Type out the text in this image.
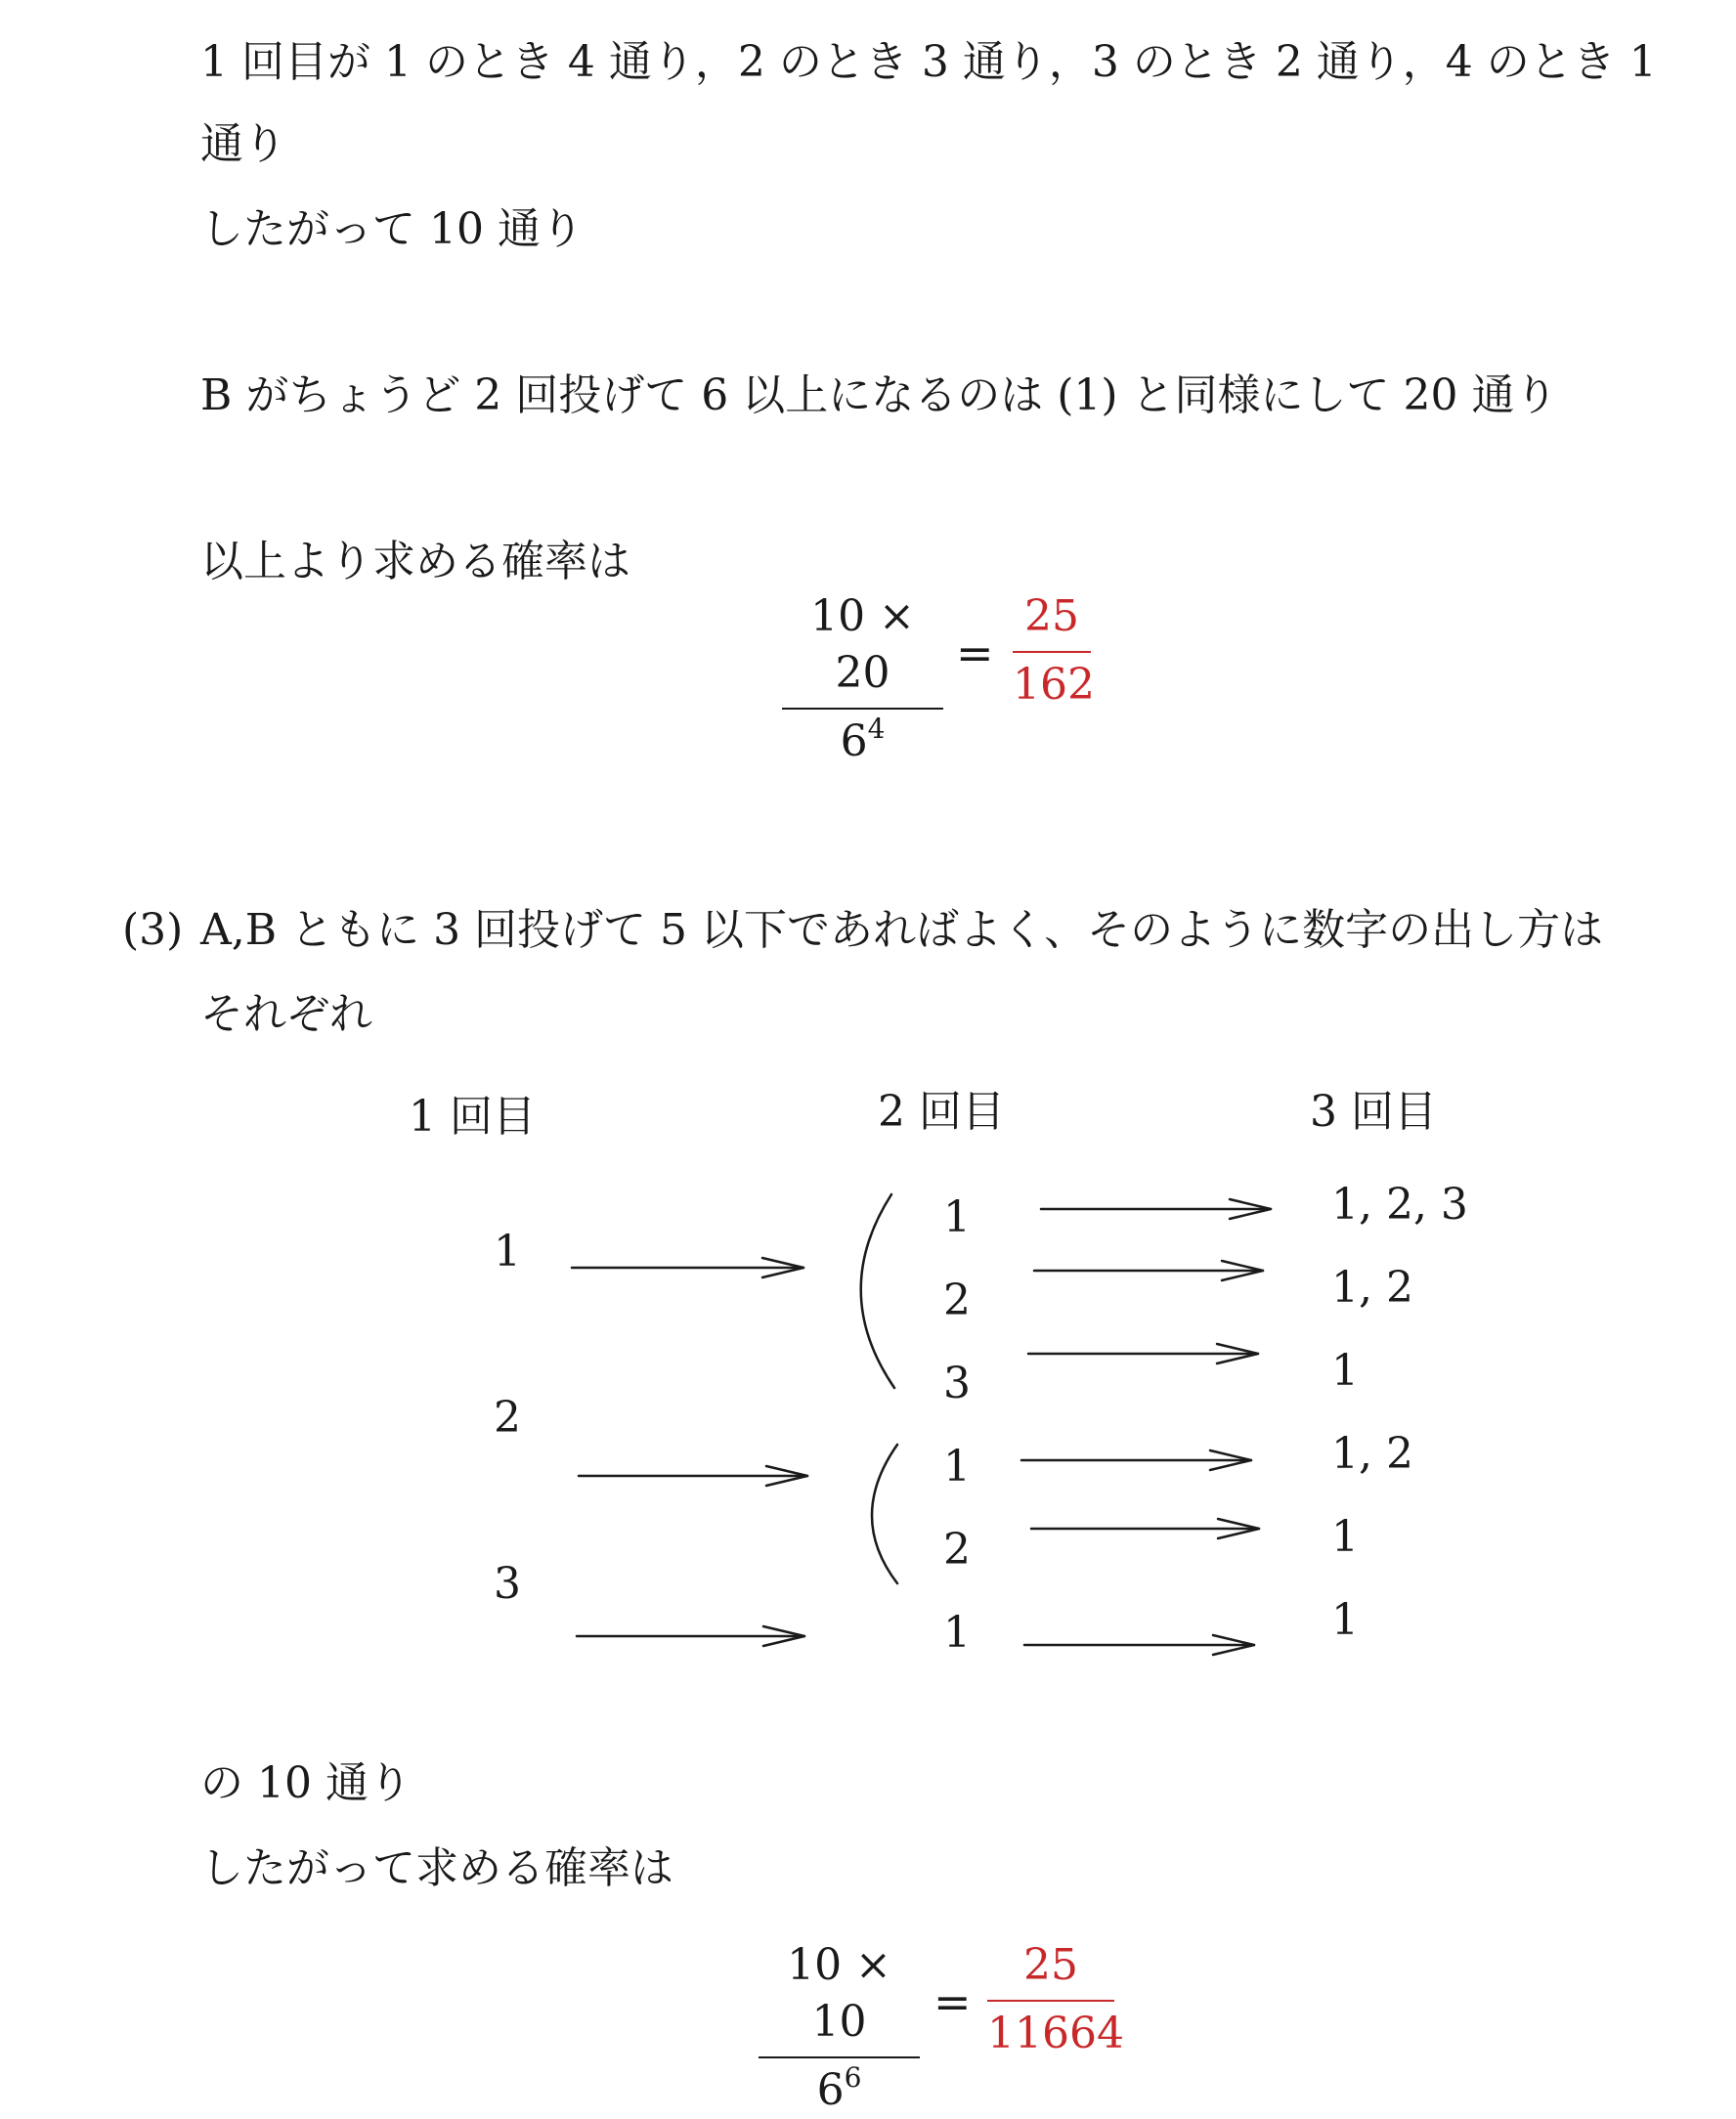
1 回目が 1 のとき 4 通り，2 のとき 3 通り，3 のとき 2 通り，4 のとき 1
通り
したがって 10 通り
B がちょうど 2 回投げて 6 以上になるのは (1) と同様にして 20 通り
以上より求める確率は
10 × 20
$6^4$
=
25
162
(3) A,B ともに 3 回投げて 5 以下であればよく、そのように数字の出し方は
それぞれ
1 回目	2 回目	3 回目
1
2
3
1
2
3
1
2
1
1, 2, 3
1, 2
1
1, 2
1
1
の 10 通り
したがって求める確率は
10 × 10
$6^6$
=
25
11664
